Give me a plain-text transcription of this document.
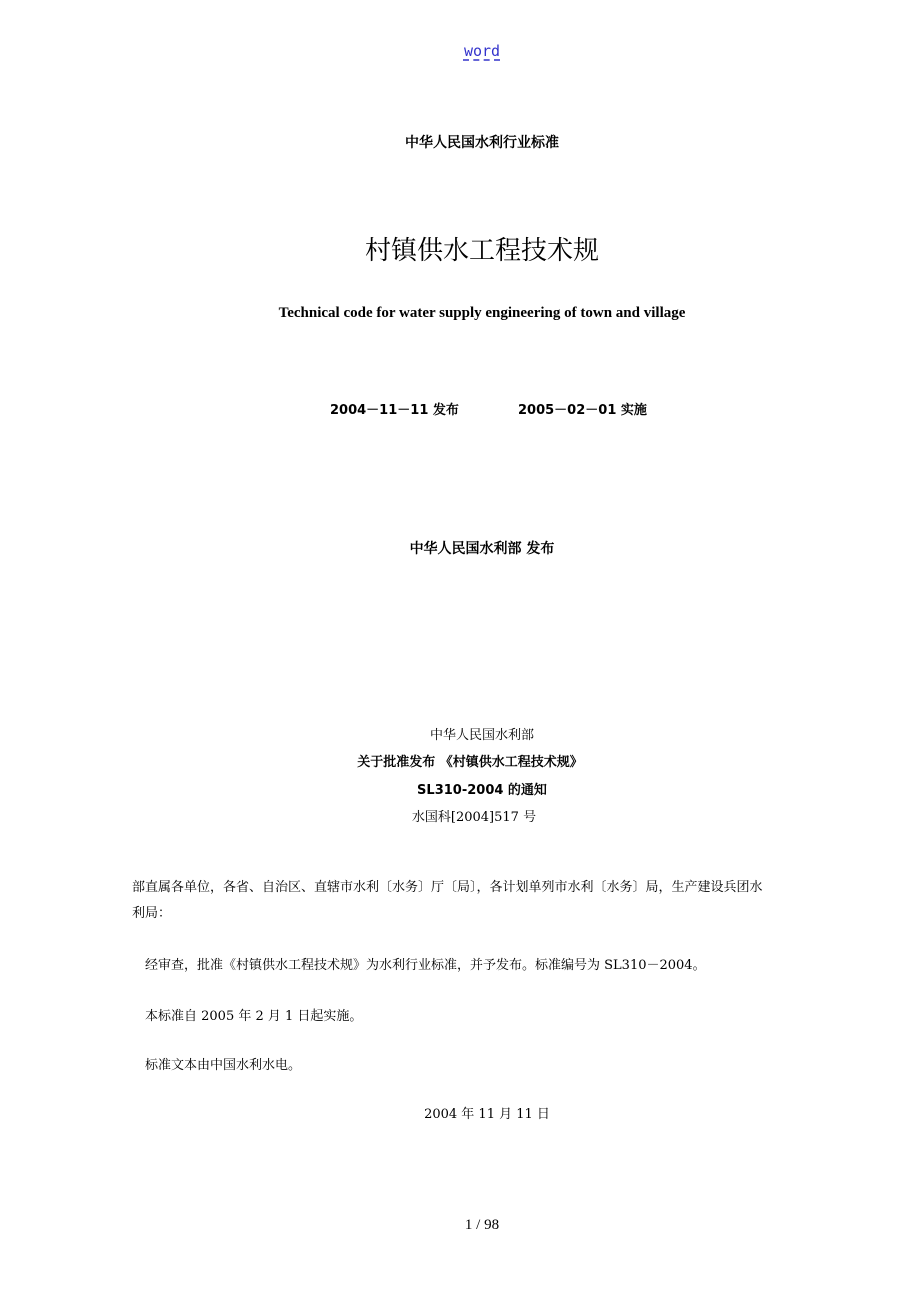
word
中华人民国水利行业标准
村镇供水工程技术规
Technical code for water supply engineering of town and village
2004－11－11 发布	2005－02－01 实施
中华人民国水利部 发布
中华人民国水利部
关于批准发布 《村镇供水工程技术规》
SL310-2004 的通知
水国科[2004]517 号
部直属各单位，各省、自治区、直辖市水利〔水务〕厅〔局〕，各计划单列市水利〔水务〕局，生产建设兵团水
利局：
经审查，批准《村镇供水工程技术规》为水利行业标准，并予发布。标准编号为 SL310－2004。
本标准自 2005 年 2 月 1 日起实施。
标准文本由中国水利水电。
2004 年 11 月 11 日
1 / 98
